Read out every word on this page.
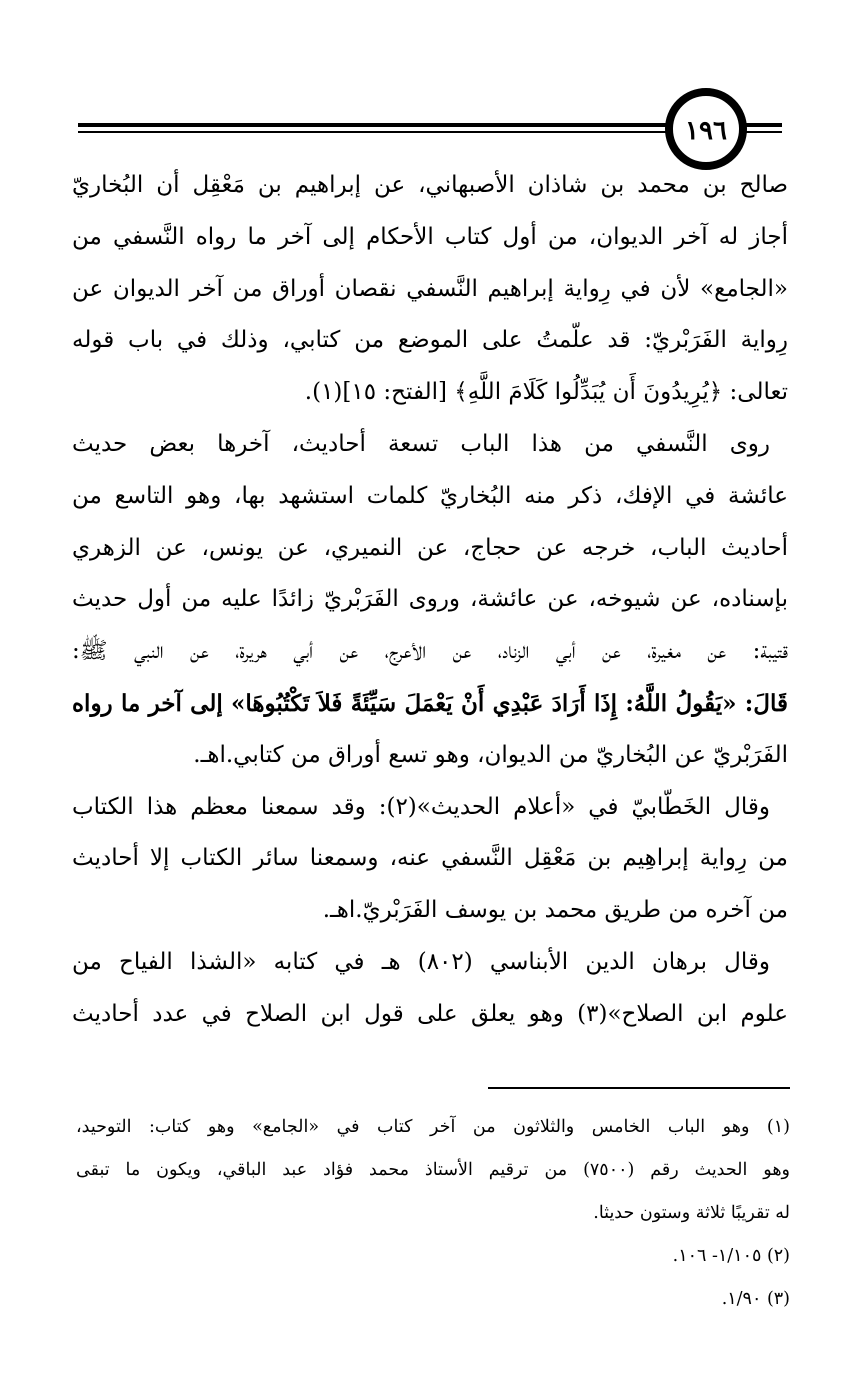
١٩٦
صالح بن محمد بن شاذان الأصبهاني، عن إبراهيم بن مَعْقِل أن البُخاريّ
أجاز له آخر الديوان، من أول كتاب الأحكام إلى آخر ما رواه النَّسفي من
«الجامع» لأن في رِواية إبراهيم النَّسفي نقصان أوراق من آخر الديوان عن
رِواية الفَرَبْريّ: قد علّمتُ على الموضع من كتابي، وذلك في باب قوله
تعالى: ﴿يُرِيدُونَ أَن يُبَدِّلُوا كَلَامَ اللَّهِ﴾ [الفتح: ١٥](١).
روى النَّسفي من هذا الباب تسعة أحاديث، آخرها بعض حديث
عائشة في الإفك، ذكر منه البُخاريّ كلمات استشهد بها، وهو التاسع من
أحاديث الباب، خرجه عن حجاج، عن النميري، عن يونس، عن الزهري
بإسناده، عن شيوخه، عن عائشة، وروى الفَرَبْريّ زائدًا عليه من أول حديث
قتيبة: عن مغيرة، عن أبي الزناد، عن الأعرج، عن أبي هريرة، عن النبي ﷺ:
قَالَ: «يَقُولُ اللَّهُ: إِذَا أَرَادَ عَبْدِي أَنْ يَعْمَلَ سَيِّئَةً فَلاَ تَكْتُبُوهَا» إلى آخر ما رواه
الفَرَبْريّ عن البُخاريّ من الديوان، وهو تسع أوراق من كتابي.اهـ.
وقال الخَطّابيّ في «أعلام الحديث»(٢): وقد سمعنا معظم هذا الكتاب
من رِواية إبراهِيم بن مَعْقِل النَّسفي عنه، وسمعنا سائر الكتاب إلا أحاديث
من آخره من طريق محمد بن يوسف الفَرَبْريّ.اهـ.
وقال برهان الدين الأبناسي (٨٠٢) هـ في كتابه «الشذا الفياح من
علوم ابن الصلاح»(٣) وهو يعلق على قول ابن الصلاح في عدد أحاديث
(١) وهو الباب الخامس والثلاثون من آخر كتاب في «الجامع» وهو كتاب: التوحيد،
وهو الحديث رقم (٧٥٠٠) من ترقيم الأستاذ محمد فؤاد عبد الباقي، ويكون ما تبقى
له تقريبًا ثلاثة وستون حديثا.
(٢) ١/١٠٥- ١٠٦.
(٣) ١/٩٠.
